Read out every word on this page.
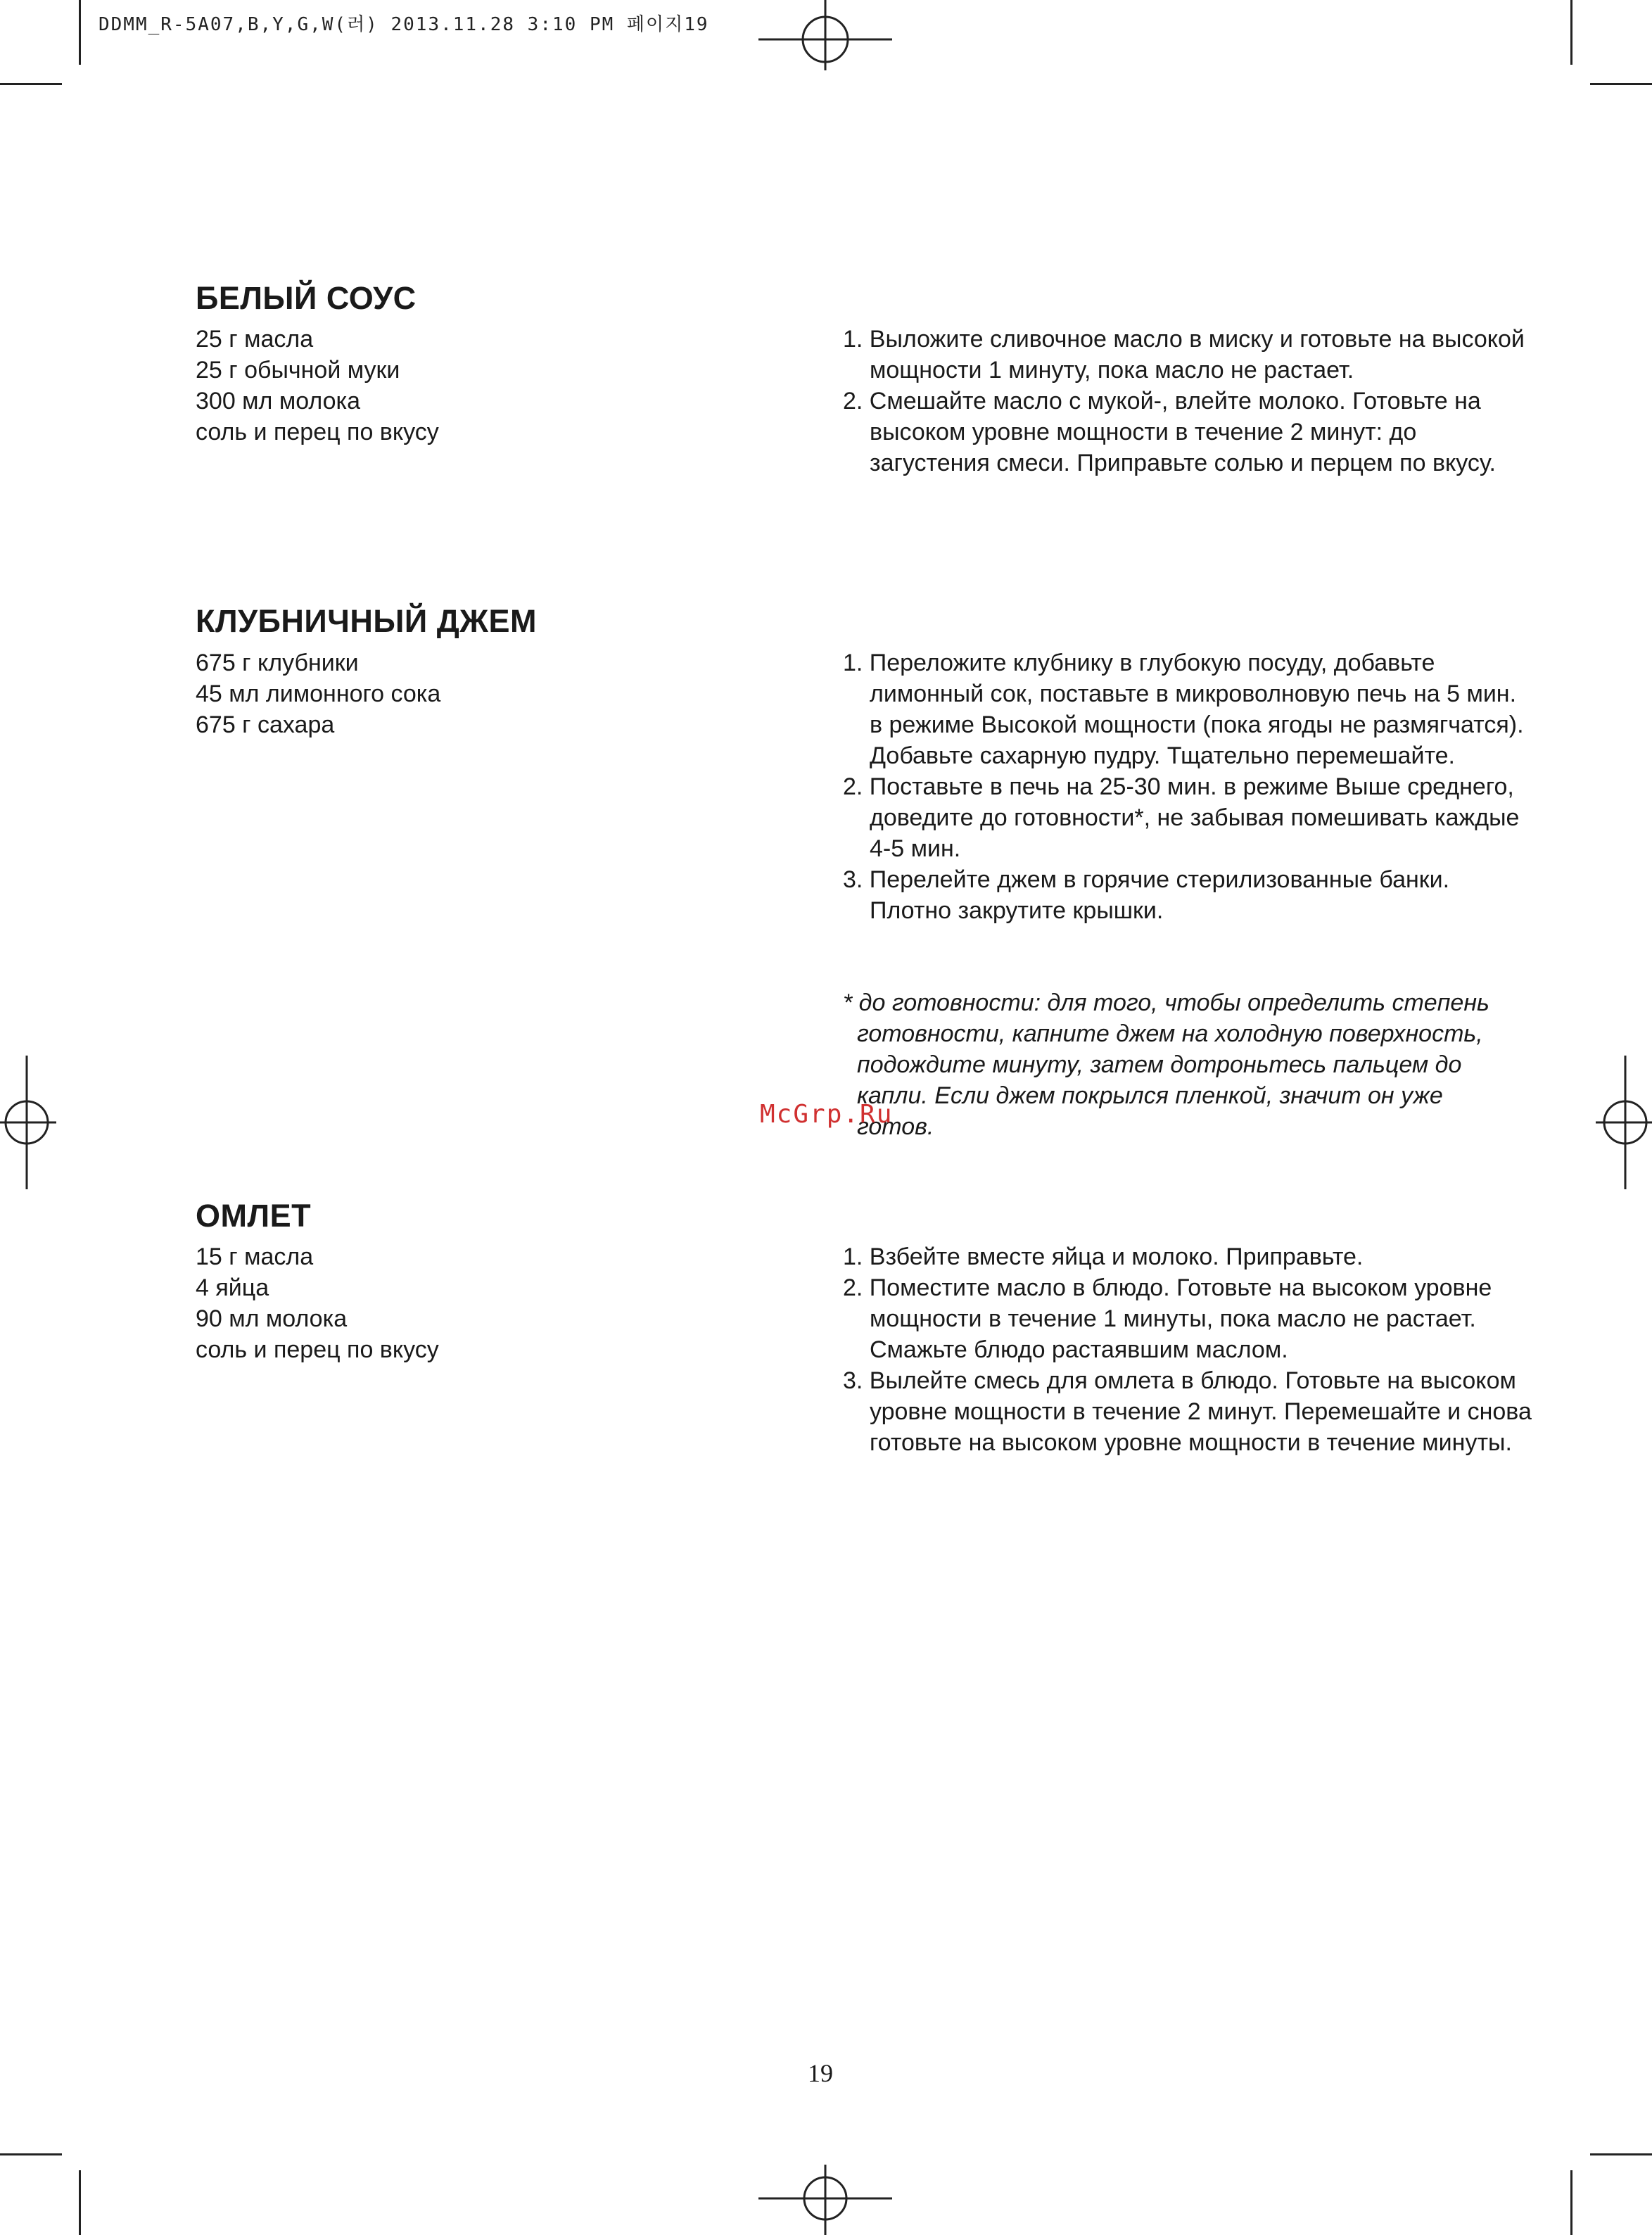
DDMM_R-5A07,B,Y,G,W(러) 2013.11.28 3:10 PM 페이지19
БЕЛЫЙ СОУС
25 г масла
25 г обычной муки
300 мл молока
соль и перец по вкусу
1. Выложите сливочное масло в миску и готовьте на высокой мощности 1 минуту, пока масло не растает.
2. Смешайте масло с мукой-, влейте молоко. Готовьте на высоком уровне мощности в течение 2 минут: до загустения смеси. Приправьте солью и перцем по вкусу.
КЛУБНИЧНЫЙ ДЖЕМ
675 г клубники
45 мл лимонного сока
675 г сахара
1. Переложите клубнику в глубокую посуду, добавьте лимонный сок, поставьте в микроволновую печь на 5 мин. в режиме Высокой мощности (пока ягоды не размягчатся). Добавьте сахарную пудру. Тщательно перемешайте.
2. Поставьте в печь на 25-30 мин. в режиме Выше среднего, доведите до готовности*, не забывая помешивать каждые 4-5 мин.
3. Перелейте джем в горячие стерилизованные банки. Плотно закрутите крышки.

* до готовности: для того, чтобы определить степень готовности, капните джем на холодную поверхность, подождите минуту, затем дотроньтесь пальцем до капли. Если джем покрылся пленкой, значит он уже готов.

McGrp.Ru
ОМЛЕТ
15 г масла
4 яйца
90 мл молока
соль и перец по вкусу
1. Взбейте вместе яйца и молоко. Приправьте.
2. Поместите масло в блюдо. Готовьте на высоком уровне мощности в течение 1 минуты, пока масло не растает. Смажьте блюдо растаявшим маслом.
3. Вылейте смесь для омлета в блюдо. Готовьте на высоком уровне мощности в течение 2 минут. Перемешайте и снова готовьте на высоком уровне мощности в течение минуты.
19
